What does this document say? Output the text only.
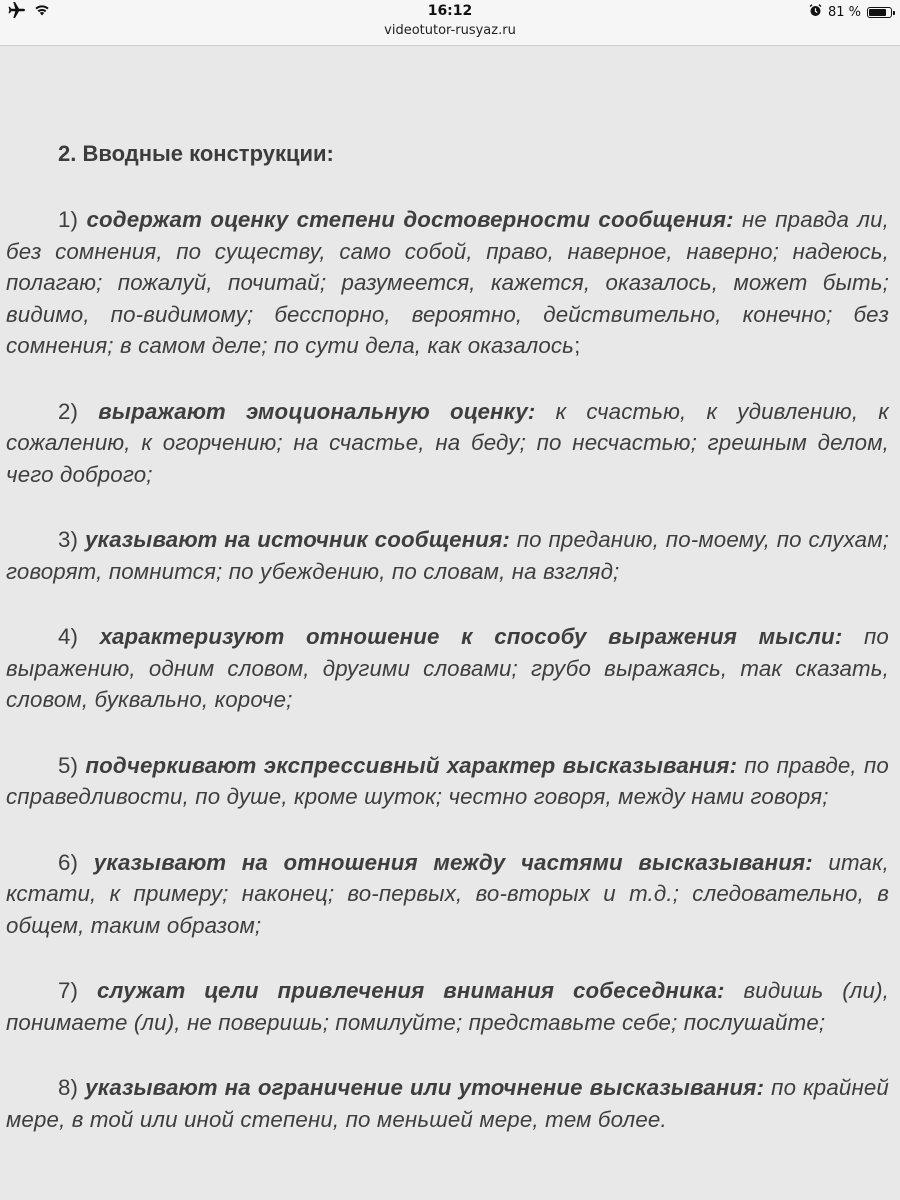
16:12
videotutor-rusyaz.ru
81 %

2. Вводные конструкции:

1) содержат оценку степени достоверности сообщения: не правда ли, без сомнения, по существу, само собой, право, наверное, наверно; надеюсь, полагаю; пожалуй, почитай; разумеется, кажется, оказалось, может быть; видимо, по-видимому; бесспорно, вероятно, действительно, конечно; без сомнения; в самом деле; по сути дела, как оказалось;

2) выражают эмоциональную оценку: к счастью, к удивлению, к сожалению, к огорчению; на счастье, на беду; по несчастью; грешным делом, чего доброго;

3) указывают на источник сообщения: по преданию, по-моему, по слухам; говорят, помнится; по убеждению, по словам, на взгляд;

4) характеризуют отношение к способу выражения мысли: по выражению, одним словом, другими словами; грубо выражаясь, так сказать, словом, буквально, короче;

5) подчеркивают экспрессивный характер высказывания: по правде, по справедливости, по душе, кроме шуток; честно говоря, между нами говоря;

6) указывают на отношения между частями высказывания: итак, кстати, к примеру; наконец; во-первых, во-вторых и т.д.; следовательно, в общем, таким образом;

7) служат цели привлечения внимания собеседника: видишь (ли), понимаете (ли), не поверишь; помилуйте; представьте себе; послушайте;

8) указывают на ограничение или уточнение высказывания: по крайней мере, в той или иной степени, по меньшей мере, тем более.
